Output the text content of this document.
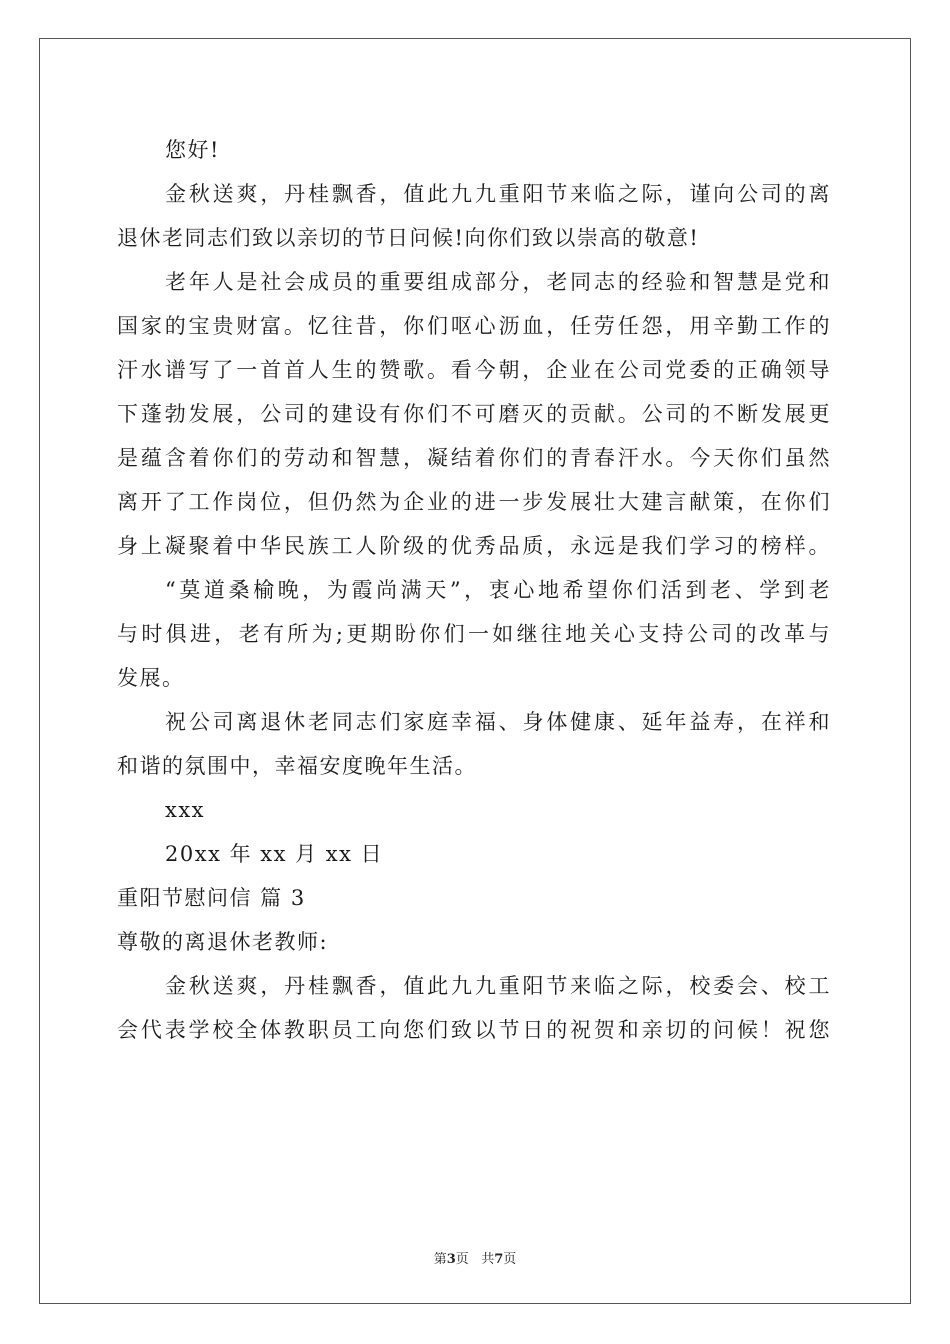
您好!
金秋送爽，丹桂飘香，值此九九重阳节来临之际，谨向公司的离
退休老同志们致以亲切的节日问候!向你们致以崇高的敬意!
老年人是社会成员的重要组成部分，老同志的经验和智慧是党和
国家的宝贵财富。忆往昔，你们呕心沥血，任劳任怨，用辛勤工作的
汗水谱写了一首首人生的赞歌。看今朝，企业在公司党委的正确领导
下蓬勃发展，公司的建设有你们不可磨灭的贡献。公司的不断发展更
是蕴含着你们的劳动和智慧，凝结着你们的青春汗水。今天你们虽然
离开了工作岗位，但仍然为企业的进一步发展壮大建言献策，在你们
身上凝聚着中华民族工人阶级的优秀品质，永远是我们学习的榜样。
“莫道桑榆晚，为霞尚满天”，衷心地希望你们活到老、学到老
与时俱进，老有所为;更期盼你们一如继往地关心支持公司的改革与
发展。
祝公司离退休老同志们家庭幸福、身体健康、延年益寿，在祥和
和谐的氛围中，幸福安度晚年生活。
xxx
20xx 年 xx 月 xx 日
重阳节慰问信 篇 3
尊敬的离退休老教师:
金秋送爽，丹桂飘香，值此九九重阳节来临之际，校委会、校工
会代表学校全体教职员工向您们致以节日的祝贺和亲切的问候！祝您
第3页   共7页
